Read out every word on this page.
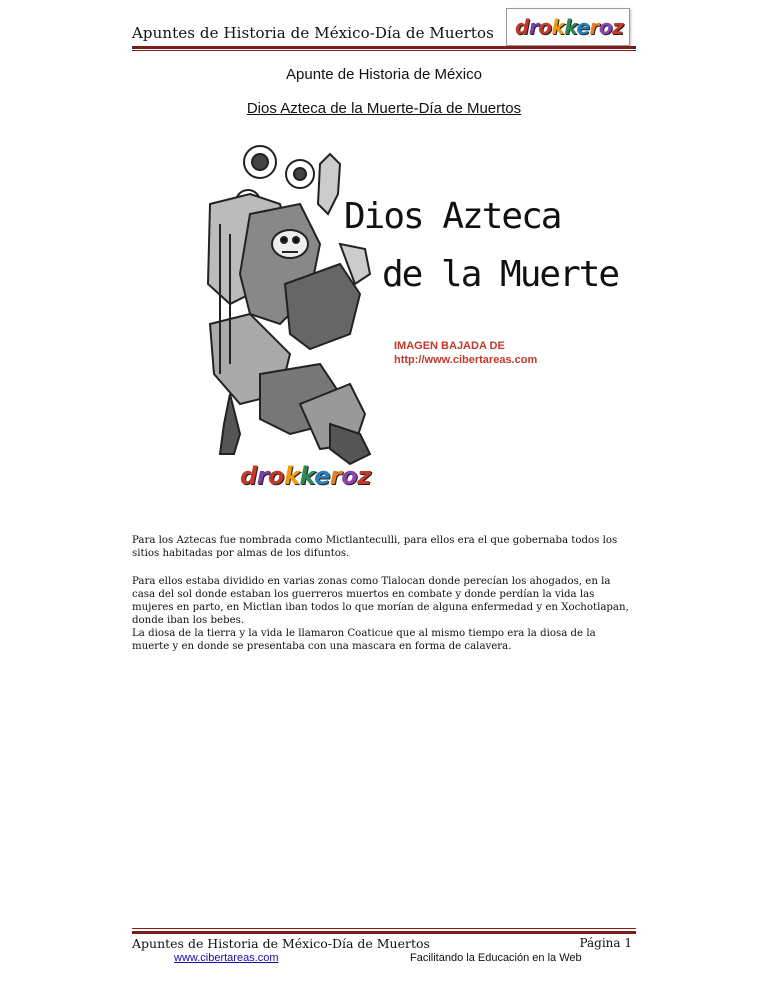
Apuntes de Historia de México-Día de Muertos drokkeroz
Apunte de Historia de México
Dios Azteca de la Muerte-Día de Muertos
Dios Azteca
de la Muerte
IMAGEN BAJADA DE
http://www.cibertareas.com
drokkeroz

Para los Aztecas fue nombrada como Mictlanteculli, para ellos era el que gobernaba todos los sitios habitadas por almas de los difuntos.

Para ellos estaba dividido en varias zonas como Tlalocan donde perecían los ahogados, en la casa del sol donde estaban los guerreros muertos en combate y donde perdían la vida las mujeres en parto, en Mictlan iban todos lo que morían de alguna enfermedad y en Xochotlapan, donde iban los bebes.

La diosa de la tierra y la vida le llamaron Coaticue que al mismo tiempo era la diosa de la muerte y en donde se presentaba con una mascara en forma de calavera.

Apuntes de Historia de México-Día de Muertos	Página 1
www.cibertareas.com	Facilitando la Educación en la Web
